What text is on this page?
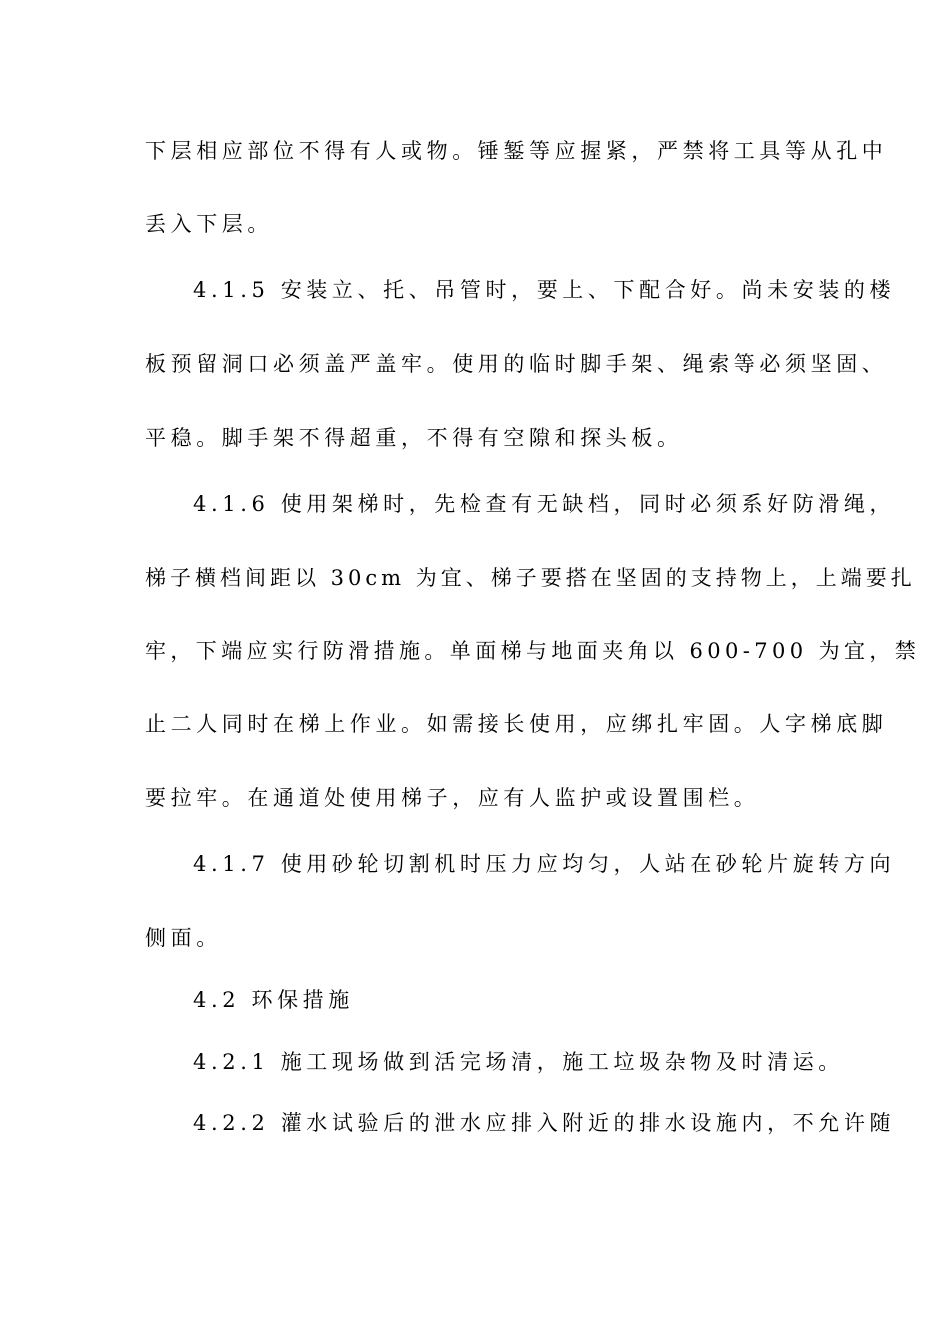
下层相应部位不得有人或物。锤錾等应握紧，严禁将工具等从孔中
丢入下层。
4.1.5 安装立、托、吊管时，要上、下配合好。尚未安装的楼
板预留洞口必须盖严盖牢。使用的临时脚手架、绳索等必须坚固、
平稳。脚手架不得超重，不得有空隙和探头板。
4.1.6 使用架梯时，先检查有无缺档，同时必须系好防滑绳，
梯子横档间距以 30cm 为宜、梯子要搭在坚固的支持物上，上端要扎
牢，下端应实行防滑措施。单面梯与地面夹角以 600-700 为宜，禁
止二人同时在梯上作业。如需接长使用，应绑扎牢固。人字梯底脚
要拉牢。在通道处使用梯子，应有人监护或设置围栏。
4.1.7 使用砂轮切割机时压力应均匀，人站在砂轮片旋转方向
侧面。
4.2 环保措施
4.2.1 施工现场做到活完场清，施工垃圾杂物及时清运。
4.2.2 灌水试验后的泄水应排入附近的排水设施内，不允许随
